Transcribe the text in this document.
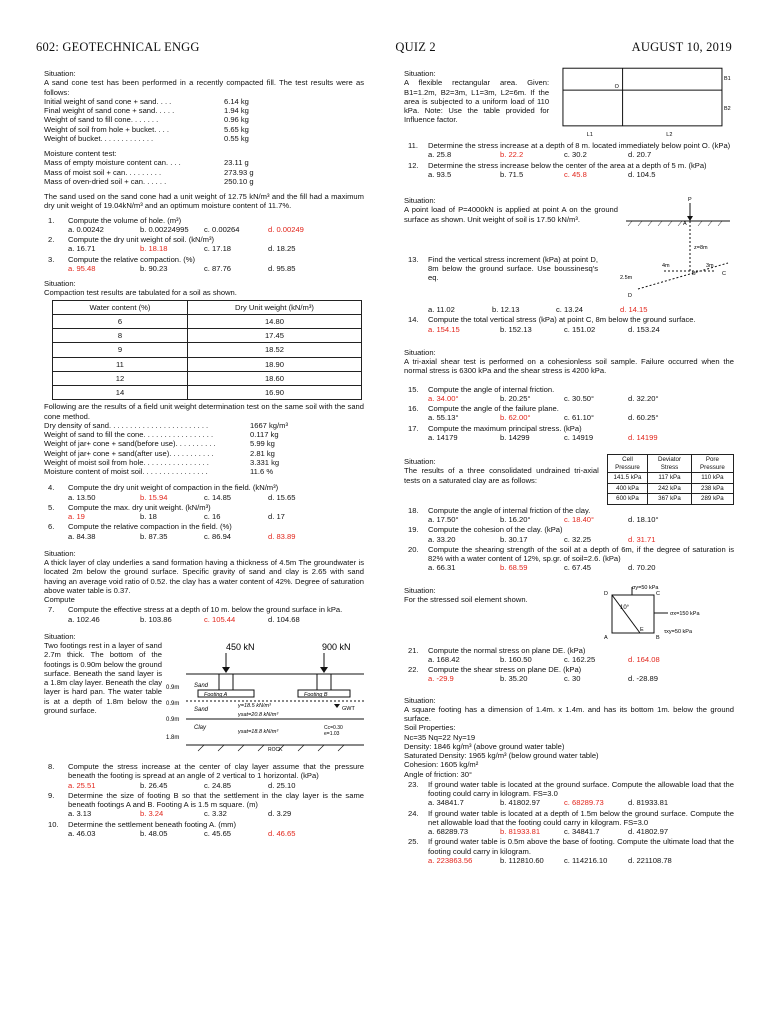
602: GEOTECHNICAL ENGG	QUIZ 2	AUGUST 10, 2019
Situation:
A sand cone test has been performed in a recently compacted fill. The test results were as follows:
Initial weight of sand cone + sand. . . .	6.14 kg
Final weight of sand cone + sand. . . . .	1.94 kg
Weight of sand to fill cone. . . . . . .	0.96 kg
Weight of soil from hole + bucket. . . .	5.65 kg
Weight of bucket. . . . . . . . . . . . .	0.55 kg
Moisture content test:
Mass of empty moisture content can. . . .	23.11 g
Mass of moist soil + can. . . . . . . . .	273.93 g
Mass of oven-dried soil + can. . . . . .	250.10 g
The sand used on the sand cone had a unit weight of 12.75 kN/m³ and the fill had a maximum dry unit weight of 19.04kN/m³ and an optimum moisture content of 11.7%.
1.	Compute the volume of hole. (m³)
a. 0.00242	b. 0.00224995	c. 0.00264	d. 0.00249
2.	Compute the dry unit weight of soil. (kN/m³)
a. 16.71	b. 18.18	c. 17.18	d. 18.25
3.	Compute the relative compaction. (%)
a. 95.48	b. 90.23	c. 87.76	d. 95.85
Situation:
Compaction test results are tabulated for a soil as shown.
Water content (%)	Dry Unit weight (kN/m³)
6	14.80
8	17.45
9	18.52
11	18.90
12	18.60
14	16.90
Following are the results of a field unit weight determination test on the same soil with the sand cone method.
Dry density of sand. . . . . . . . . . . . . . . . . . . . . . . .	1667 kg/m³
Weight of sand to fill the cone. . . . . . . . . . . . . . . . .	0.117 kg
Weight of jar+ cone + sand(before use). . . . . . . . . .	5.99 kg
Weight of jar+ cone + sand(after use). . . . . . . . . . .	2.81 kg
Weight of moist soil from hole. . . . . . . . . . . . . . . .	3.331 kg
Moisture content of moist soil. . . . . . . . . . . . . . . .	11.6 %
4.	Compute the dry unit weight of compaction in the field. (kN/m³)
a. 13.50	b. 15.94	c. 14.85	d. 15.65
5.	Compute the max. dry unit weight. (kN/m³)
a. 19	b. 18	c. 16	d. 17
6.	Compute the relative compaction in the field. (%)
a. 84.38	b. 87.35	c. 86.94	d. 83.89
Situation:
A thick layer of clay underlies a sand formation having a thickness of 4.5m The groundwater is located 2m below the ground surface. Specific gravity of sand and clay is 2.65 with sand having an average void ratio of 0.52. the clay has a water content of 42%. Degree of saturation above water table is 0.37.
Compute
7.	Compute the effective stress at a depth of 10 m. below the ground surface in kPa.
a. 102.46	b. 103.86	c. 105.44	d. 104.68
Situation:
Two footings rest in a layer of sand 2.7m thick. The bottom of the footings is 0.90m below the ground surface. Beneath the sand layer is a 1.8m clay layer. Beneath the clay layer is hard pan. The water table is at a depth of 1.8m below the ground surface.
450 kN	900 kN
Footing A	Footing B
0.9m
0.9m
0.9m
1.8m
Sand
Sand
Clay
γ=18.5 kN/m³
γsat=20.8 kN/m³
γsat=18.8 kN/m³
GWT
Cc=0.30
e=1.03
ROCK
8.	Compute the stress increase at the center of clay layer assume that the pressure beneath the footing is spread at an angle of 2 vertical to 1 horizontal. (kPa)
a. 25.51	b. 26.45	c. 24.85	d. 25.10
9.	Determine the size of footing B so that the settlement in the clay layer is the same beneath footings A and B. Footing A is 1.5 m square. (m)
a. 3.13	b. 3.24	c. 3.32	d. 3.29
10.	Determine the settlement beneath footing A. (mm)
a. 46.03	b. 48.05	c. 45.65	d. 46.65
Situation:
A flexible rectangular area. Given: B1=1.2m, B2=3m, L1=3m, L2=6m. If the area is subjected to a uniform load of 110 kPa. Note: Use the table provided for Influence factor.
O
B1
B2
L1	L2
11.	Determine the stress increase at a depth of 8 m. located immediately below point O. (kPa)
a. 25.8	b. 22.2	c. 30.2	d. 20.7
12.	Determine the stress increase below the center of the area at a depth of 5 m. (kPa)
a. 93.5	b. 71.5	c. 45.8	d. 104.5
Situation:
A point load of P=4000kN is applied at point A on the ground surface as shown. Unit weight of soil is 17.50 kN/m³.
13.	Find the vertical stress increment (kPa) at point D, 8m below the ground surface. Use boussinesq's eq.
P
A
z=8m
4m	3m
B	C
2.5m
D
a. 11.02	b. 12.13	c. 13.24	d. 14.15
14.	Compute the total vertical stress (kPa) at point C, 8m below the ground surface.
a. 154.15	b. 152.13	c. 151.02	d. 153.24
Situation:
A tri-axial shear test is performed on a cohesionless soil sample. Failure occurred when the normal stress is 6300 kPa and the shear stress is 4200 kPa.
15.	Compute the angle of internal friction.
a. 34.00°	b. 20.25°	c. 30.50°	d. 32.20°
16.	Compute the angle of the failure plane.
a. 55.13°	b. 62.00°	c. 61.10°	d. 60.25°
17.	Compute the maximum principal stress. (kPa)
a. 14179	b. 14299	c. 14919	d. 14199
Situation:
The results of a three consolidated undrained tri-axial tests on a saturated clay are as follows:
Cell Pressure	Deviator Stress	Pore Pressure
141.5 kPa	117 kPa	110 kPa
400 kPa	242 kPa	238 kPa
600 kPa	367 kPa	289 kPa
18.	Compute the angle of internal friction of the clay.
a. 17.50°	b. 16.20°	c. 18.40°	d. 18.10°
19.	Compute the cohesion of the clay. (kPa)
a. 33.20	b. 30.17	c. 32.25	d. 31.71
20.	Compute the shearing strength of the soil at a depth of 6m, if the degree of saturation is 82% with a water content of 12%, sp.gr. of soil=2.6. (kPa)
a. 66.31	b. 68.59	c. 67.45	d. 70.20
Situation:
For the stressed soil element shown.
σy=50 kPa
D
E
C
A	B
10°
σx=150 kPa
τxy=50 kPa
21.	Compute the normal stress on plane DE. (kPa)
a. 168.42	b. 160.50	c. 162.25	d. 164.08
22.	Compute the shear stress on plane DE. (kPa)
a. -29.9	b. 35.20	c. 30	d. -28.89
Situation:
A square footing has a dimension of 1.4m. x 1.4m. and has its bottom 1m. below the ground surface.
Soil Properties:
Nc=35 Nq=22 Ny=19
Density: 1846 kg/m³ (above ground water table)
Saturated Density: 1965 kg/m³ (below ground water table)
Cohesion: 1605 kg/m²
Angle of friction: 30°
23.	If ground water table is located at the ground surface. Compute the allowable load that the footing could carry in kilogram. FS=3.0
a. 34841.7	b. 41802.97	c. 68289.73	d. 81933.81
24.	If ground water table is located at a depth of 1.5m below the ground surface. Compute the net allowable load that the footing could carry in kilogram. FS=3.0
a. 68289.73	b. 81933.81	c. 34841.7	d. 41802.97
25.	If ground water table is 0.5m above the base of footing. Compute the ultimate load that the footing could carry in kilogram.
a. 223863.56	b. 112810.60	c. 114216.10	d. 221108.78
